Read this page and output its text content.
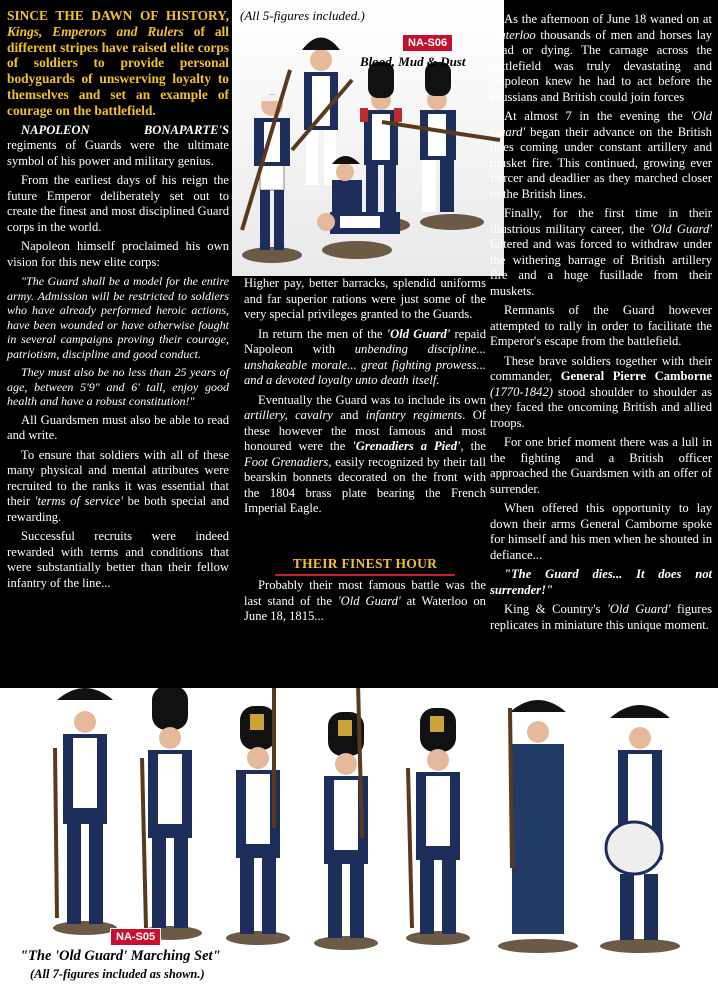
(All 5-figures included.)
NA-S06
Blood, Mud & Dust

SINCE THE DAWN OF HISTORY, Kings, Emperors and Rulers of all different stripes have raised elite corps of soldiers to provide personal bodyguards of unswerving loyalty to themselves and set an example of courage on the battlefield.

NAPOLEON BONAPARTE'S regiments of Guards were the ultimate symbol of his power and military genius.

From the earliest days of his reign the future Emperor deliberately set out to create the finest and most disciplined Guard corps in the world.

Napoleon himself proclaimed his own vision for this new elite corps:

"The Guard shall be a model for the entire army. Admission will be restricted to soldiers who have already performed heroic actions, have been wounded or have otherwise fought in several campaigns proving their courage, patriotism, discipline and good conduct.

They must also be no less than 25 years of age, between 5'9" and 6' tall, enjoy good health and have a robust constitution!"

All Guardsmen must also be able to read and write.

To ensure that soldiers with all of these many physical and mental attributes were recruited to the ranks it was essential that their 'terms of service' be both special and rewarding.

Successful recruits were indeed rewarded with terms and conditions that were substantially better than their fellow infantry of the line...

Higher pay, better barracks, splendid uniforms and far superior rations were just some of the very special privileges granted to the Guards.

In return the men of the 'Old Guard' repaid Napoleon with unbending discipline... unshakeable morale... great fighting prowess... and a devoted loyalty unto death itself.

Eventually the Guard was to include its own artillery, cavalry and infantry regiments. Of these however the most famous and most honoured were the 'Grenadiers a Pied', the Foot Grenadiers, easily recognized by their tall bearskin bonnets decorated on the front with the 1804 brass plate bearing the French Imperial Eagle.

THEIR FINEST HOUR

Probably their most famous battle was the last stand of the 'Old Guard' at Waterloo on June 18, 1815...

As the afternoon of June 18 waned on at Waterloo thousands of men and horses lay dead or dying. The carnage across the battlefield was truly devastating and Napoleon knew he had to act before the Prussians and British could join forces

At almost 7 in the evening the 'Old Guard' began their advance on the British lines coming under constant artillery and musket fire. This continued, growing ever fiercer and deadlier as they marched closer to the British lines.

Finally, for the first time in their illustrious military career, the 'Old Guard' faltered and was forced to withdraw under the withering barrage of British artillery fire and a huge fusillade from their muskets.

Remnants of the Guard however attempted to rally in order to facilitate the Emperor's escape from the battlefield.

These brave soldiers together with their commander, General Pierre Camborne (1770-1842) stood shoulder to shoulder as they faced the oncoming British and allied troops.

For one brief moment there was a lull in the fighting and a British officer approached the Guardsmen with an offer of surrender.

When offered this opportunity to lay down their arms General Camborne spoke for himself and his men when he shouted in defiance...

"The Guard dies... It does not surrender!"

King & Country's 'Old Guard' figures replicates in miniature this unique moment.

NA-S05
"The 'Old Guard' Marching Set"
(All 7-figures included as shown.)
